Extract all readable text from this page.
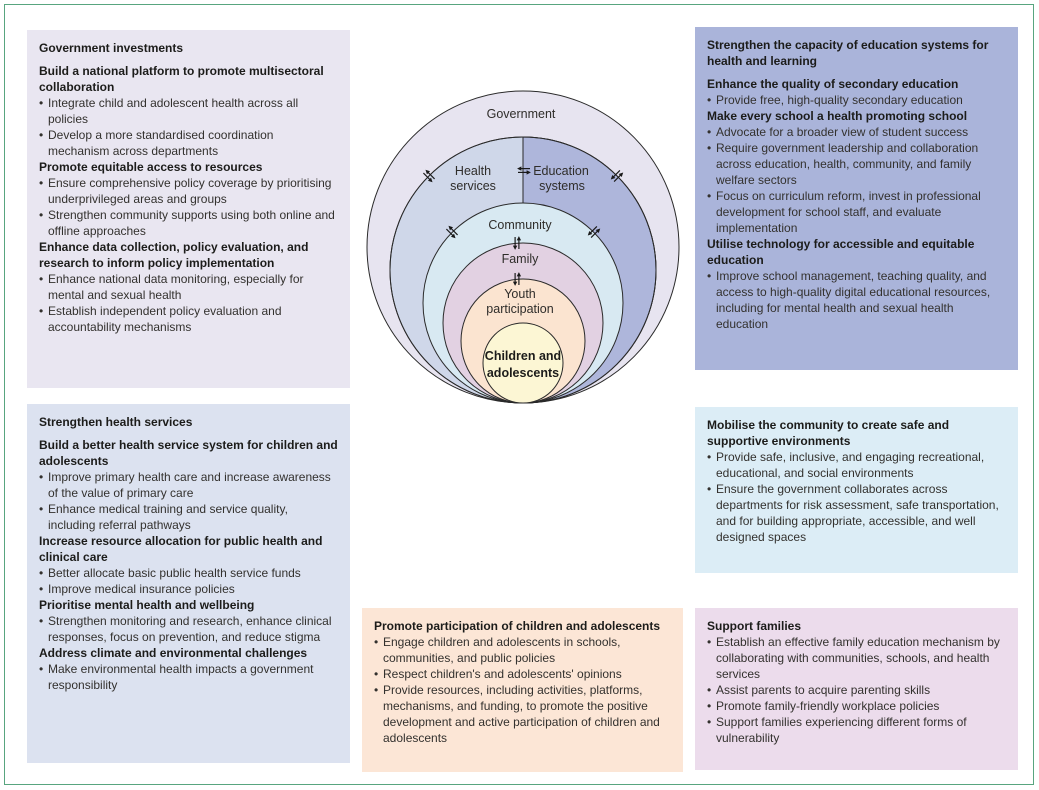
Government investments
Build a national platform to promote multisectoral collaboration
• Integrate child and adolescent health across all policies
• Develop a more standardised coordination mechanism across departments
Promote equitable access to resources
• Ensure comprehensive policy coverage by prioritising underprivileged areas and groups
• Strengthen community supports using both online and offline approaches
Enhance data collection, policy evaluation, and research to inform policy implementation
• Enhance national data monitoring, especially for mental and sexual health
• Establish independent policy evaluation and accountability mechanisms
Strengthen health services
Build a better health service system for children and adolescents
• Improve primary health care and increase awareness of the value of primary care
• Enhance medical training and service quality, including referral pathways
Increase resource allocation for public health and clinical care
• Better allocate basic public health service funds
• Improve medical insurance policies
Prioritise mental health and wellbeing
• Strengthen monitoring and research, enhance clinical responses, focus on prevention, and reduce stigma
Address climate and environmental challenges
• Make environmental health impacts a government responsibility
Strengthen the capacity of education systems for health and learning
Enhance the quality of secondary education
• Provide free, high-quality secondary education
Make every school a health promoting school
• Advocate for a broader view of student success
• Require government leadership and collaboration across education, health, community, and family welfare sectors
• Focus on curriculum reform, invest in professional development for school staff, and evaluate implementation
Utilise technology for accessible and equitable education
• Improve school management, teaching quality, and access to high-quality digital educational resources, including for mental health and sexual health education
Mobilise the community to create safe and supportive environments
• Provide safe, inclusive, and engaging recreational, educational, and social environments
• Ensure the government collaborates across departments for risk assessment, safe transportation, and for building appropriate, accessible, and well designed spaces
Promote participation of children and adolescents
• Engage children and adolescents in schools, communities, and public policies
• Respect children's and adolescents' opinions
• Provide resources, including activities, platforms, mechanisms, and funding, to promote the positive development and active participation of children and adolescents
Support families
• Establish an effective family education mechanism by collaborating with communities, schools, and health services
• Assist parents to acquire parenting skills
• Promote family-friendly workplace policies
• Support families experiencing different forms of vulnerability
Government
Health
services
Education
systems
Community
Family
Youth
participation
Children and
adolescents
